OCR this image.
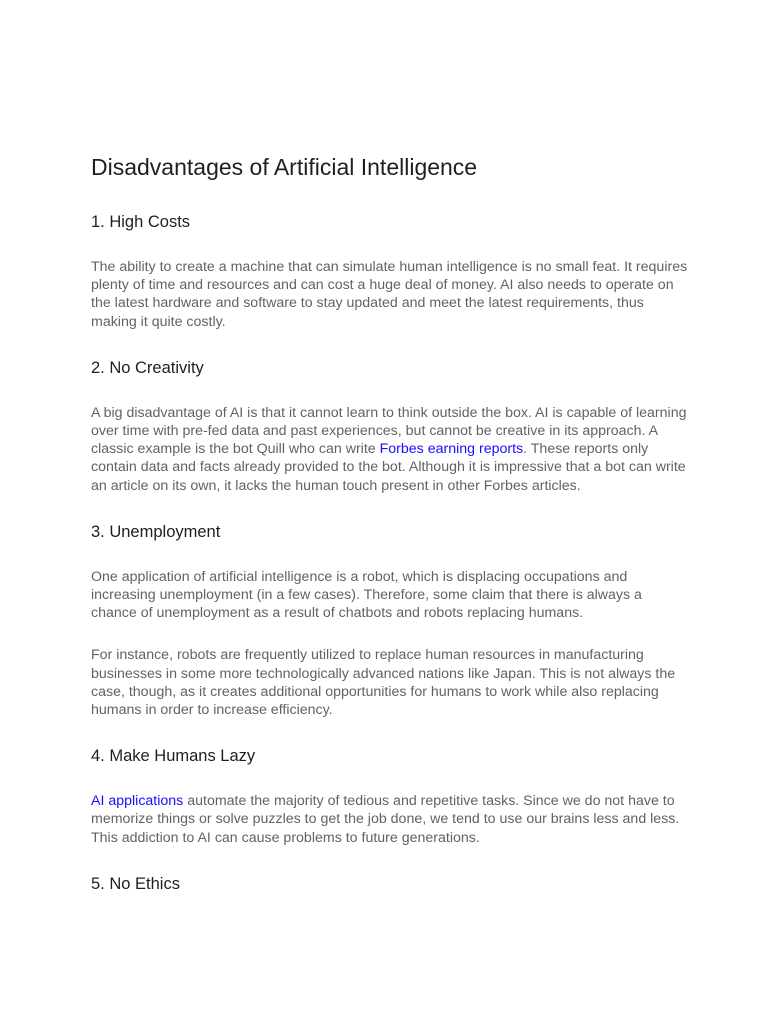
Disadvantages of Artificial Intelligence
1. High Costs

The ability to create a machine that can simulate human intelligence is no small feat. It requires plenty of time and resources and can cost a huge deal of money. AI also needs to operate on the latest hardware and software to stay updated and meet the latest requirements, thus making it quite costly.

2. No Creativity

A big disadvantage of AI is that it cannot learn to think outside the box. AI is capable of learning over time with pre-fed data and past experiences, but cannot be creative in its approach. A classic example is the bot Quill who can write Forbes earning reports. These reports only contain data and facts already provided to the bot. Although it is impressive that a bot can write an article on its own, it lacks the human touch present in other Forbes articles.

3. Unemployment

One application of artificial intelligence is a robot, which is displacing occupations and increasing unemployment (in a few cases). Therefore, some claim that there is always a chance of unemployment as a result of chatbots and robots replacing humans.

For instance, robots are frequently utilized to replace human resources in manufacturing businesses in some more technologically advanced nations like Japan. This is not always the case, though, as it creates additional opportunities for humans to work while also replacing humans in order to increase efficiency.

4. Make Humans Lazy

AI applications automate the majority of tedious and repetitive tasks. Since we do not have to memorize things or solve puzzles to get the job done, we tend to use our brains less and less. This addiction to AI can cause problems to future generations.

5. No Ethics
